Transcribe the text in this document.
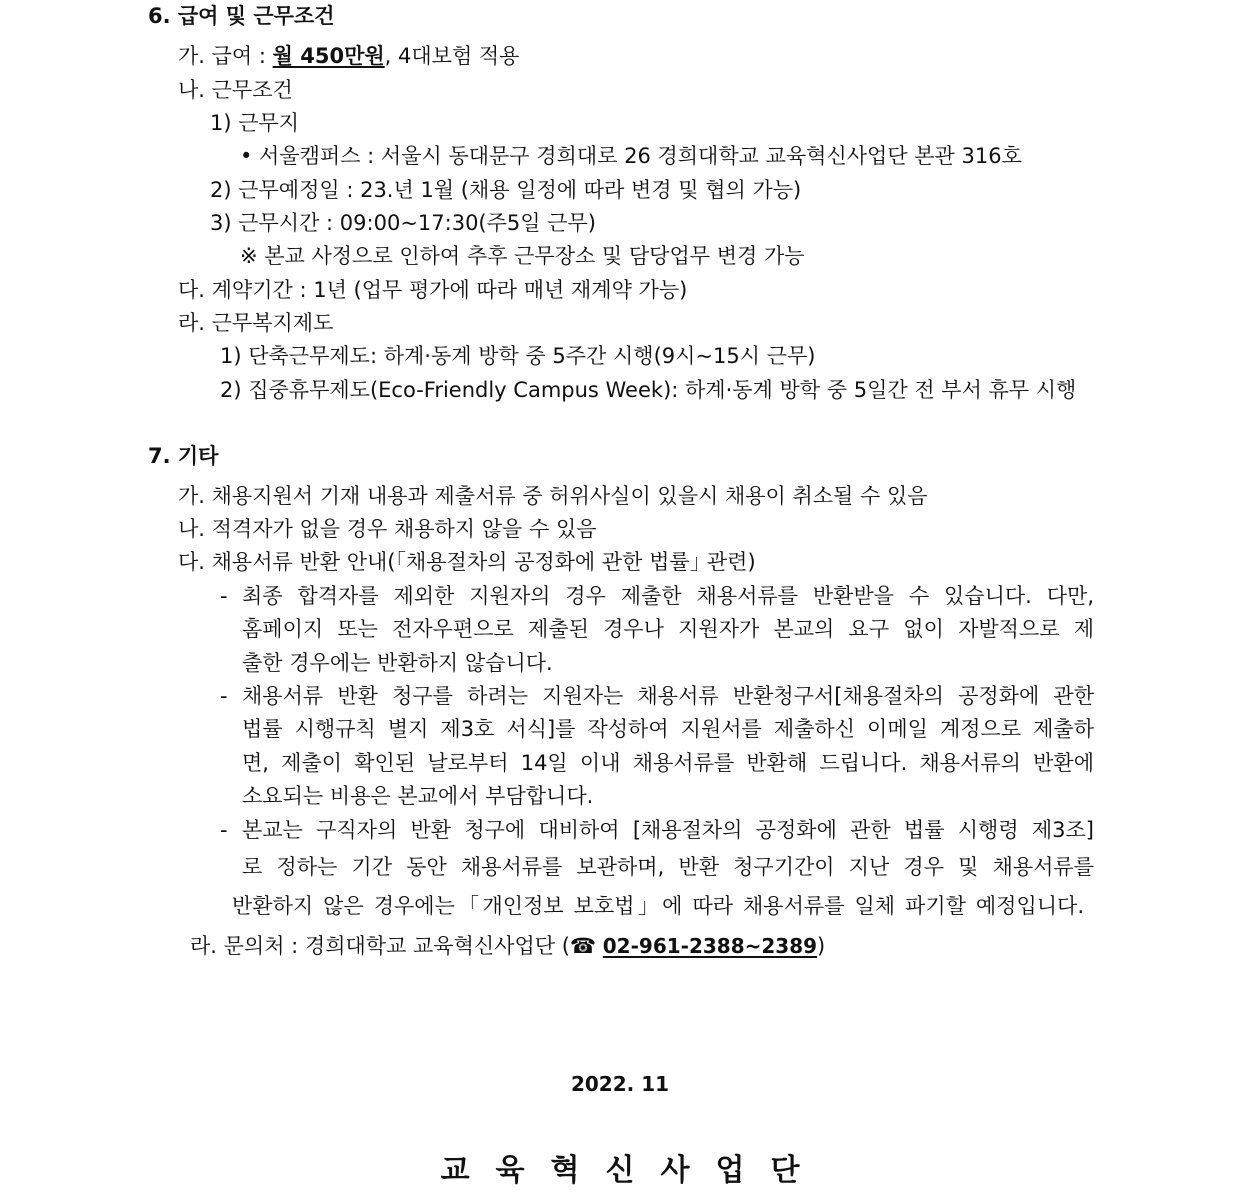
6. 급여 및 근무조건
가. 급여 : 월 450만원, 4대보험 적용
나. 근무조건
1) 근무지
• 서울캠퍼스 : 서울시 동대문구 경희대로 26 경희대학교 교육혁신사업단 본관 316호
2) 근무예정일 : 23.년 1월 (채용 일정에 따라 변경 및 협의 가능)
3) 근무시간 : 09:00~17:30(주5일 근무)
※ 본교 사정으로 인하여 추후 근무장소 및 담당업무 변경 가능
다. 계약기간 : 1년 (업무 평가에 따라 매년 재계약 가능)
라. 근무복지제도
1) 단축근무제도: 하계·동계 방학 중 5주간 시행(9시~15시 근무)
2) 집중휴무제도(Eco-Friendly Campus Week): 하계·동계 방학 중 5일간 전 부서 휴무 시행
7. 기타
가. 채용지원서 기재 내용과 제출서류 중 허위사실이 있을시 채용이 취소될 수 있음
나. 적격자가 없을 경우 채용하지 않을 수 있음
다. 채용서류 반환 안내(｢채용절차의 공정화에 관한 법률｣ 관련)
- 최종 합격자를 제외한 지원자의 경우 제출한 채용서류를 반환받을 수 있습니다. 다만,
홈페이지 또는 전자우편으로 제출된 경우나 지원자가 본교의 요구 없이 자발적으로 제
출한 경우에는 반환하지 않습니다.
- 채용서류 반환 청구를 하려는 지원자는 채용서류 반환청구서[채용절차의 공정화에 관한
법률 시행규칙 별지 제3호 서식]를 작성하여 지원서를 제출하신 이메일 계정으로 제출하
면, 제출이 확인된 날로부터 14일 이내 채용서류를 반환해 드립니다. 채용서류의 반환에
소요되는 비용은 본교에서 부담합니다.
- 본교는 구직자의 반환 청구에 대비하여 [채용절차의 공정화에 관한 법률 시행령 제3조]
로 정하는 기간 동안 채용서류를 보관하며, 반환 청구기간이 지난 경우 및 채용서류를
반환하지 않은 경우에는「개인정보 보호법」에 따라 채용서류를 일체 파기할 예정입니다.
라. 문의처 : 경희대학교 교육혁신사업단 (☎ 02-961-2388~2389)
2022. 11
교육혁신사업단
